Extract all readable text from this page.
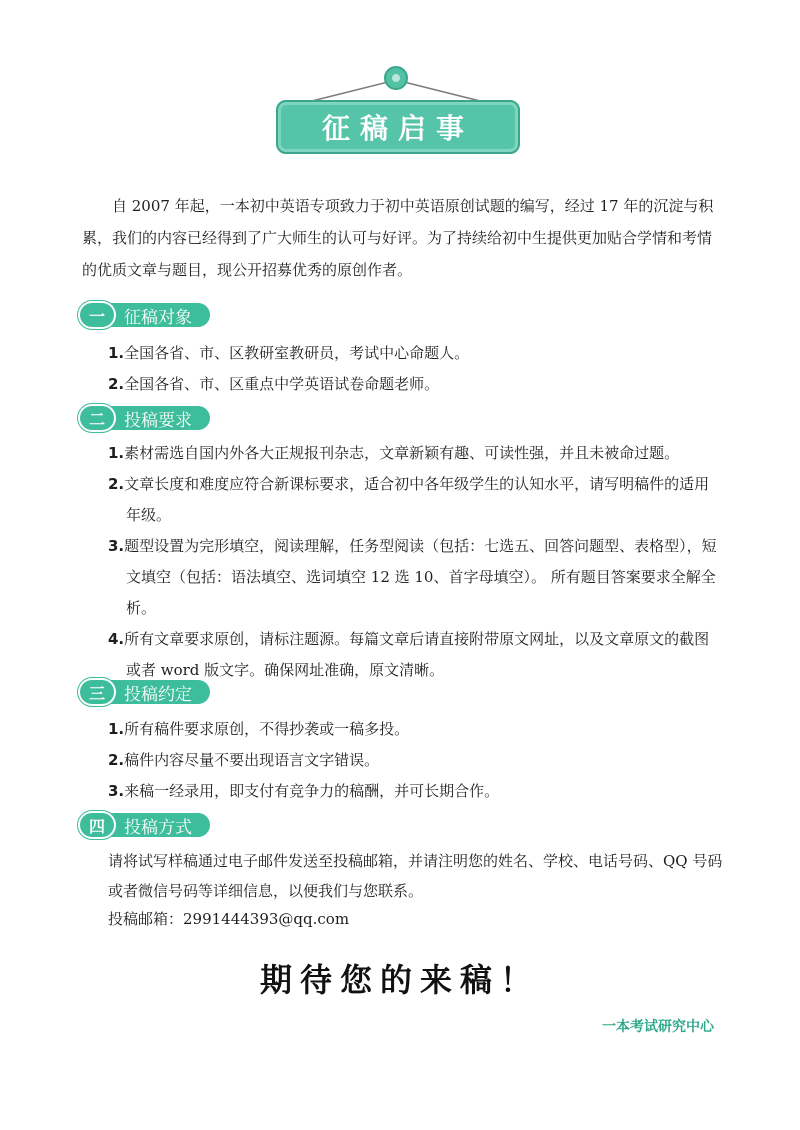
征稿启事

自 2007 年起，一本初中英语专项致力于初中英语原创试题的编写，经过 17 年的沉淀与积累，我们的内容已经得到了广大师生的认可与好评。为了持续给初中生提供更加贴合学情和考情的优质文章与题目，现公开招募优秀的原创作者。

一	征稿对象
1.全国各省、市、区教研室教研员，考试中心命题人。
2.全国各省、市、区重点中学英语试卷命题老师。
二	投稿要求
1.素材需选自国内外各大正规报刊杂志，文章新颖有趣、可读性强，并且未被命过题。
2.文章长度和难度应符合新课标要求，适合初中各年级学生的认知水平，请写明稿件的适用年级。
3.题型设置为完形填空，阅读理解，任务型阅读（包括：七选五、回答问题型、表格型），短文填空（包括：语法填空、选词填空 12 选 10、首字母填空）。 所有题目答案要求全解全析。
4.所有文章要求原创，请标注题源。每篇文章后请直接附带原文网址，以及文章原文的截图或者 word 版文字。确保网址准确，原文清晰。
三	投稿约定
1.所有稿件要求原创，不得抄袭或一稿多投。
2.稿件内容尽量不要出现语言文字错误。
3.来稿一经录用，即支付有竞争力的稿酬，并可长期合作。
四	投稿方式

请将试写样稿通过电子邮件发送至投稿邮箱，并请注明您的姓名、学校、电话号码、QQ 号码或者微信号码等详细信息，以便我们与您联系。

投稿邮箱：2991444393@qq.com

期待您的来稿！
一本考试研究中心
